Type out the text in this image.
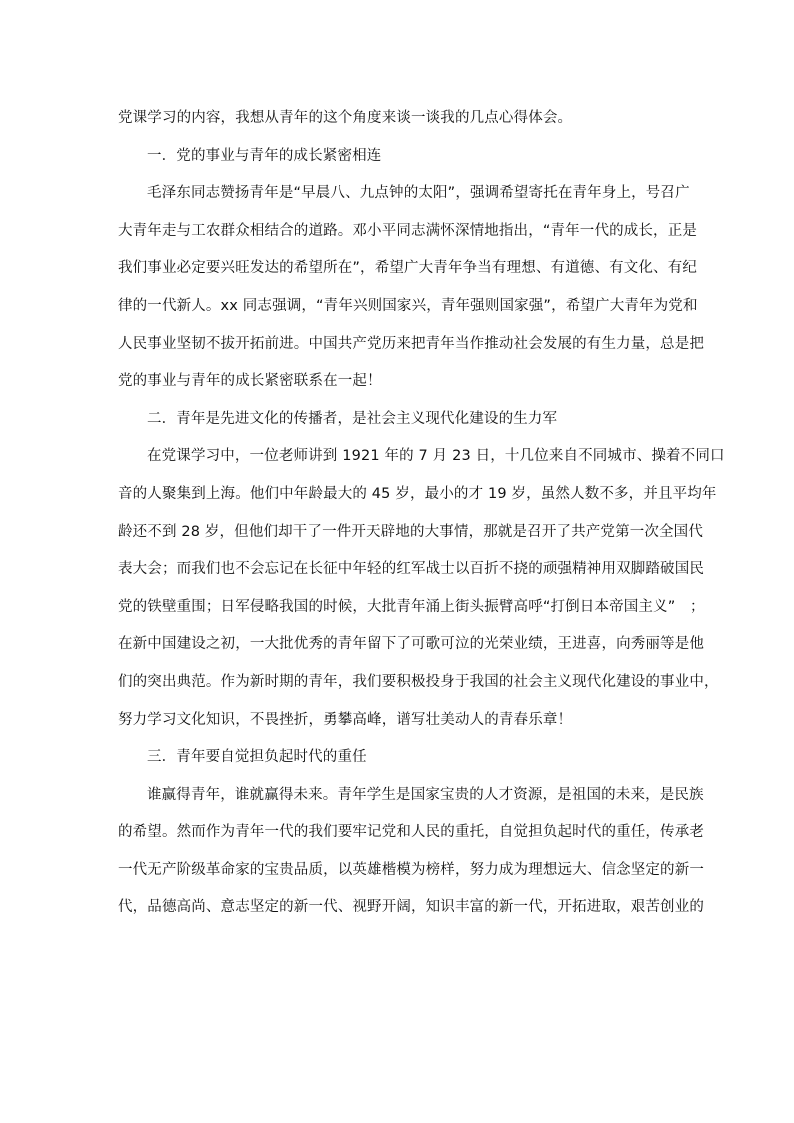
党课学习的内容，我想从青年的这个角度来谈一谈我的几点心得体会。
一．党的事业与青年的成长紧密相连
毛泽东同志赞扬青年是“早晨八、九点钟的太阳”，强调希望寄托在青年身上，号召广
大青年走与工农群众相结合的道路。邓小平同志满怀深情地指出，“青年一代的成长，正是
我们事业必定要兴旺发达的希望所在”，希望广大青年争当有理想、有道德、有文化、有纪
律的一代新人。xx 同志强调，“青年兴则国家兴，青年强则国家强”，希望广大青年为党和
人民事业坚韧不拔开拓前进。中国共产党历来把青年当作推动社会发展的有生力量，总是把
党的事业与青年的成长紧密联系在一起！
二．青年是先进文化的传播者，是社会主义现代化建设的生力军
在党课学习中，一位老师讲到 1921 年的 7 月 23 日，十几位来自不同城市、操着不同口
音的人聚集到上海。他们中年龄最大的 45 岁，最小的才 19 岁，虽然人数不多，并且平均年
龄还不到 28 岁，但他们却干了一件开天辟地的大事情，那就是召开了共产党第一次全国代
表大会；而我们也不会忘记在长征中年轻的红军战士以百折不挠的顽强精神用双脚踏破国民
党的铁壁重围；日军侵略我国的时候，大批青年涌上街头振臂高呼“打倒日本帝国主义”　；
在新中国建设之初，一大批优秀的青年留下了可歌可泣的光荣业绩，王进喜，向秀丽等是他
们的突出典范。作为新时期的青年，我们要积极投身于我国的社会主义现代化建设的事业中，
努力学习文化知识，不畏挫折，勇攀高峰，谱写壮美动人的青春乐章！
三．青年要自觉担负起时代的重任
谁赢得青年，谁就赢得未来。青年学生是国家宝贵的人才资源，是祖国的未来，是民族
的希望。然而作为青年一代的我们要牢记党和人民的重托，自觉担负起时代的重任，传承老
一代无产阶级革命家的宝贵品质，以英雄楷模为榜样，努力成为理想远大、信念坚定的新一
代，品德高尚、意志坚定的新一代、视野开阔，知识丰富的新一代，开拓进取，艰苦创业的
